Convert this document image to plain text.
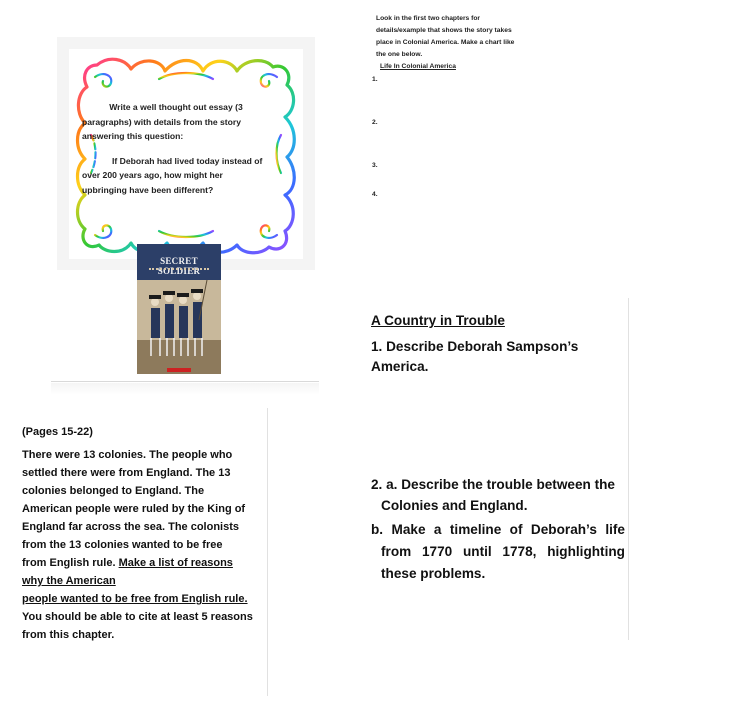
Write a well thought out essay (3

paragraphs) with details from the story

answering this question:

If Deborah had lived today instead of

over 200 years ago, how might her

upbringing have been different?

SECRET SOLDIER

Look in the first two chapters for

details/example that shows the story takes

place in Colonial America. Make a chart like

the one below.

Life In Colonial America

1.
2.
3.
4.
A Country in Trouble
1. Describe Deborah Sampson’s
America.
2. a. Describe the trouble between the
Colonies and England.
b. Make a timeline of Deborah’s life
from 1770 until 1778, highlighting
these problems.
(Pages 15-22)
There were 13 colonies. The people who
settled there were from England. The 13
colonies belonged to England. The
American people were ruled by the King of
England far across the sea. The colonists
from the 13 colonies wanted to be free
from English rule. Make a list of reasons
why the American
people wanted to be free from English rule.
You should be able to cite at least 5 reasons
from this chapter.
